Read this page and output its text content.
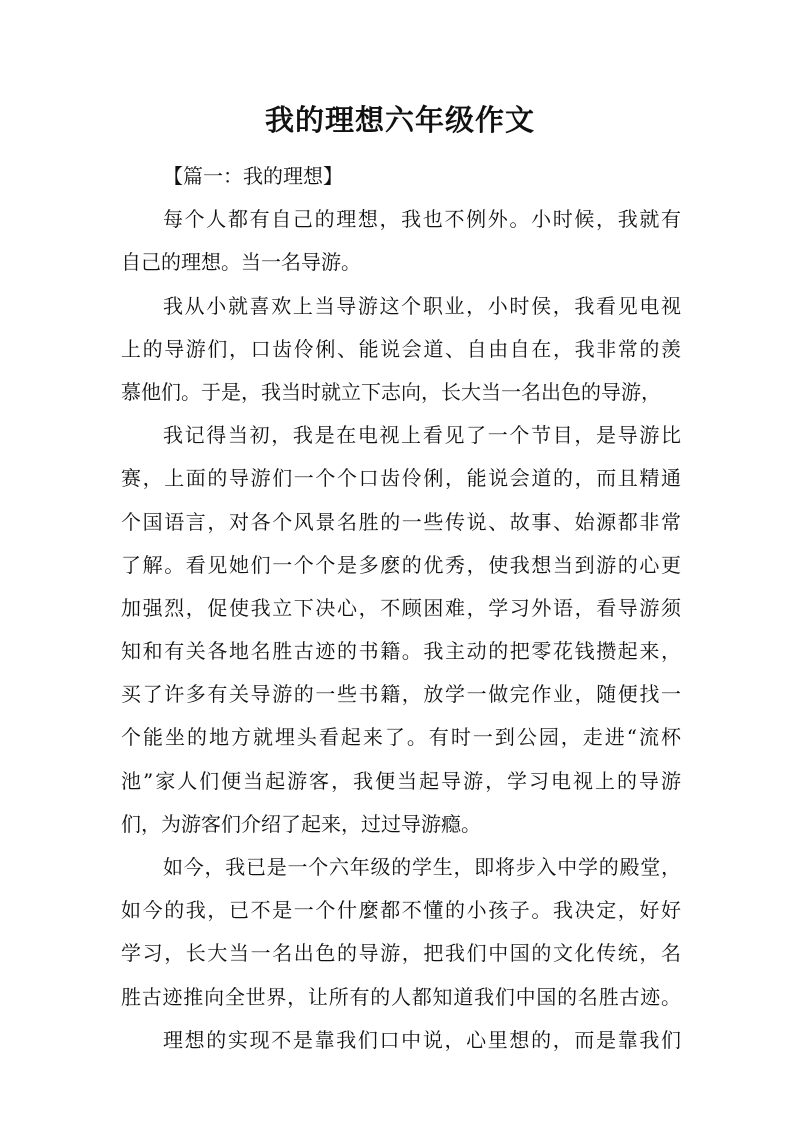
我的理想六年级作文
【篇一：我的理想】
每个人都有自己的理想，我也不例外。小时候，我就有
自己的理想。当一名导游。
我从小就喜欢上当导游这个职业，小时侯，我看见电视
上的导游们，口齿伶俐、能说会道、自由自在，我非常的羡
慕他们。于是，我当时就立下志向，长大当一名出色的导游，
我记得当初，我是在电视上看见了一个节目，是导游比
赛，上面的导游们一个个口齿伶俐，能说会道的，而且精通
个国语言，对各个风景名胜的一些传说、故事、始源都非常
了解。看见她们一个个是多麽的优秀，使我想当到游的心更
加强烈，促使我立下决心，不顾困难，学习外语，看导游须
知和有关各地名胜古迹的书籍。我主动的把零花钱攒起来，
买了许多有关导游的一些书籍，放学一做完作业，随便找一
个能坐的地方就埋头看起来了。有时一到公园，走进“流杯
池”家人们便当起游客，我便当起导游，学习电视上的导游
们，为游客们介绍了起来，过过导游瘾。
如今，我已是一个六年级的学生，即将步入中学的殿堂，
如今的我，已不是一个什麼都不懂的小孩子。我决定，好好
学习，长大当一名出色的导游，把我们中国的文化传统，名
胜古迹推向全世界，让所有的人都知道我们中国的名胜古迹。
理想的实现不是靠我们口中说，心里想的，而是靠我们
